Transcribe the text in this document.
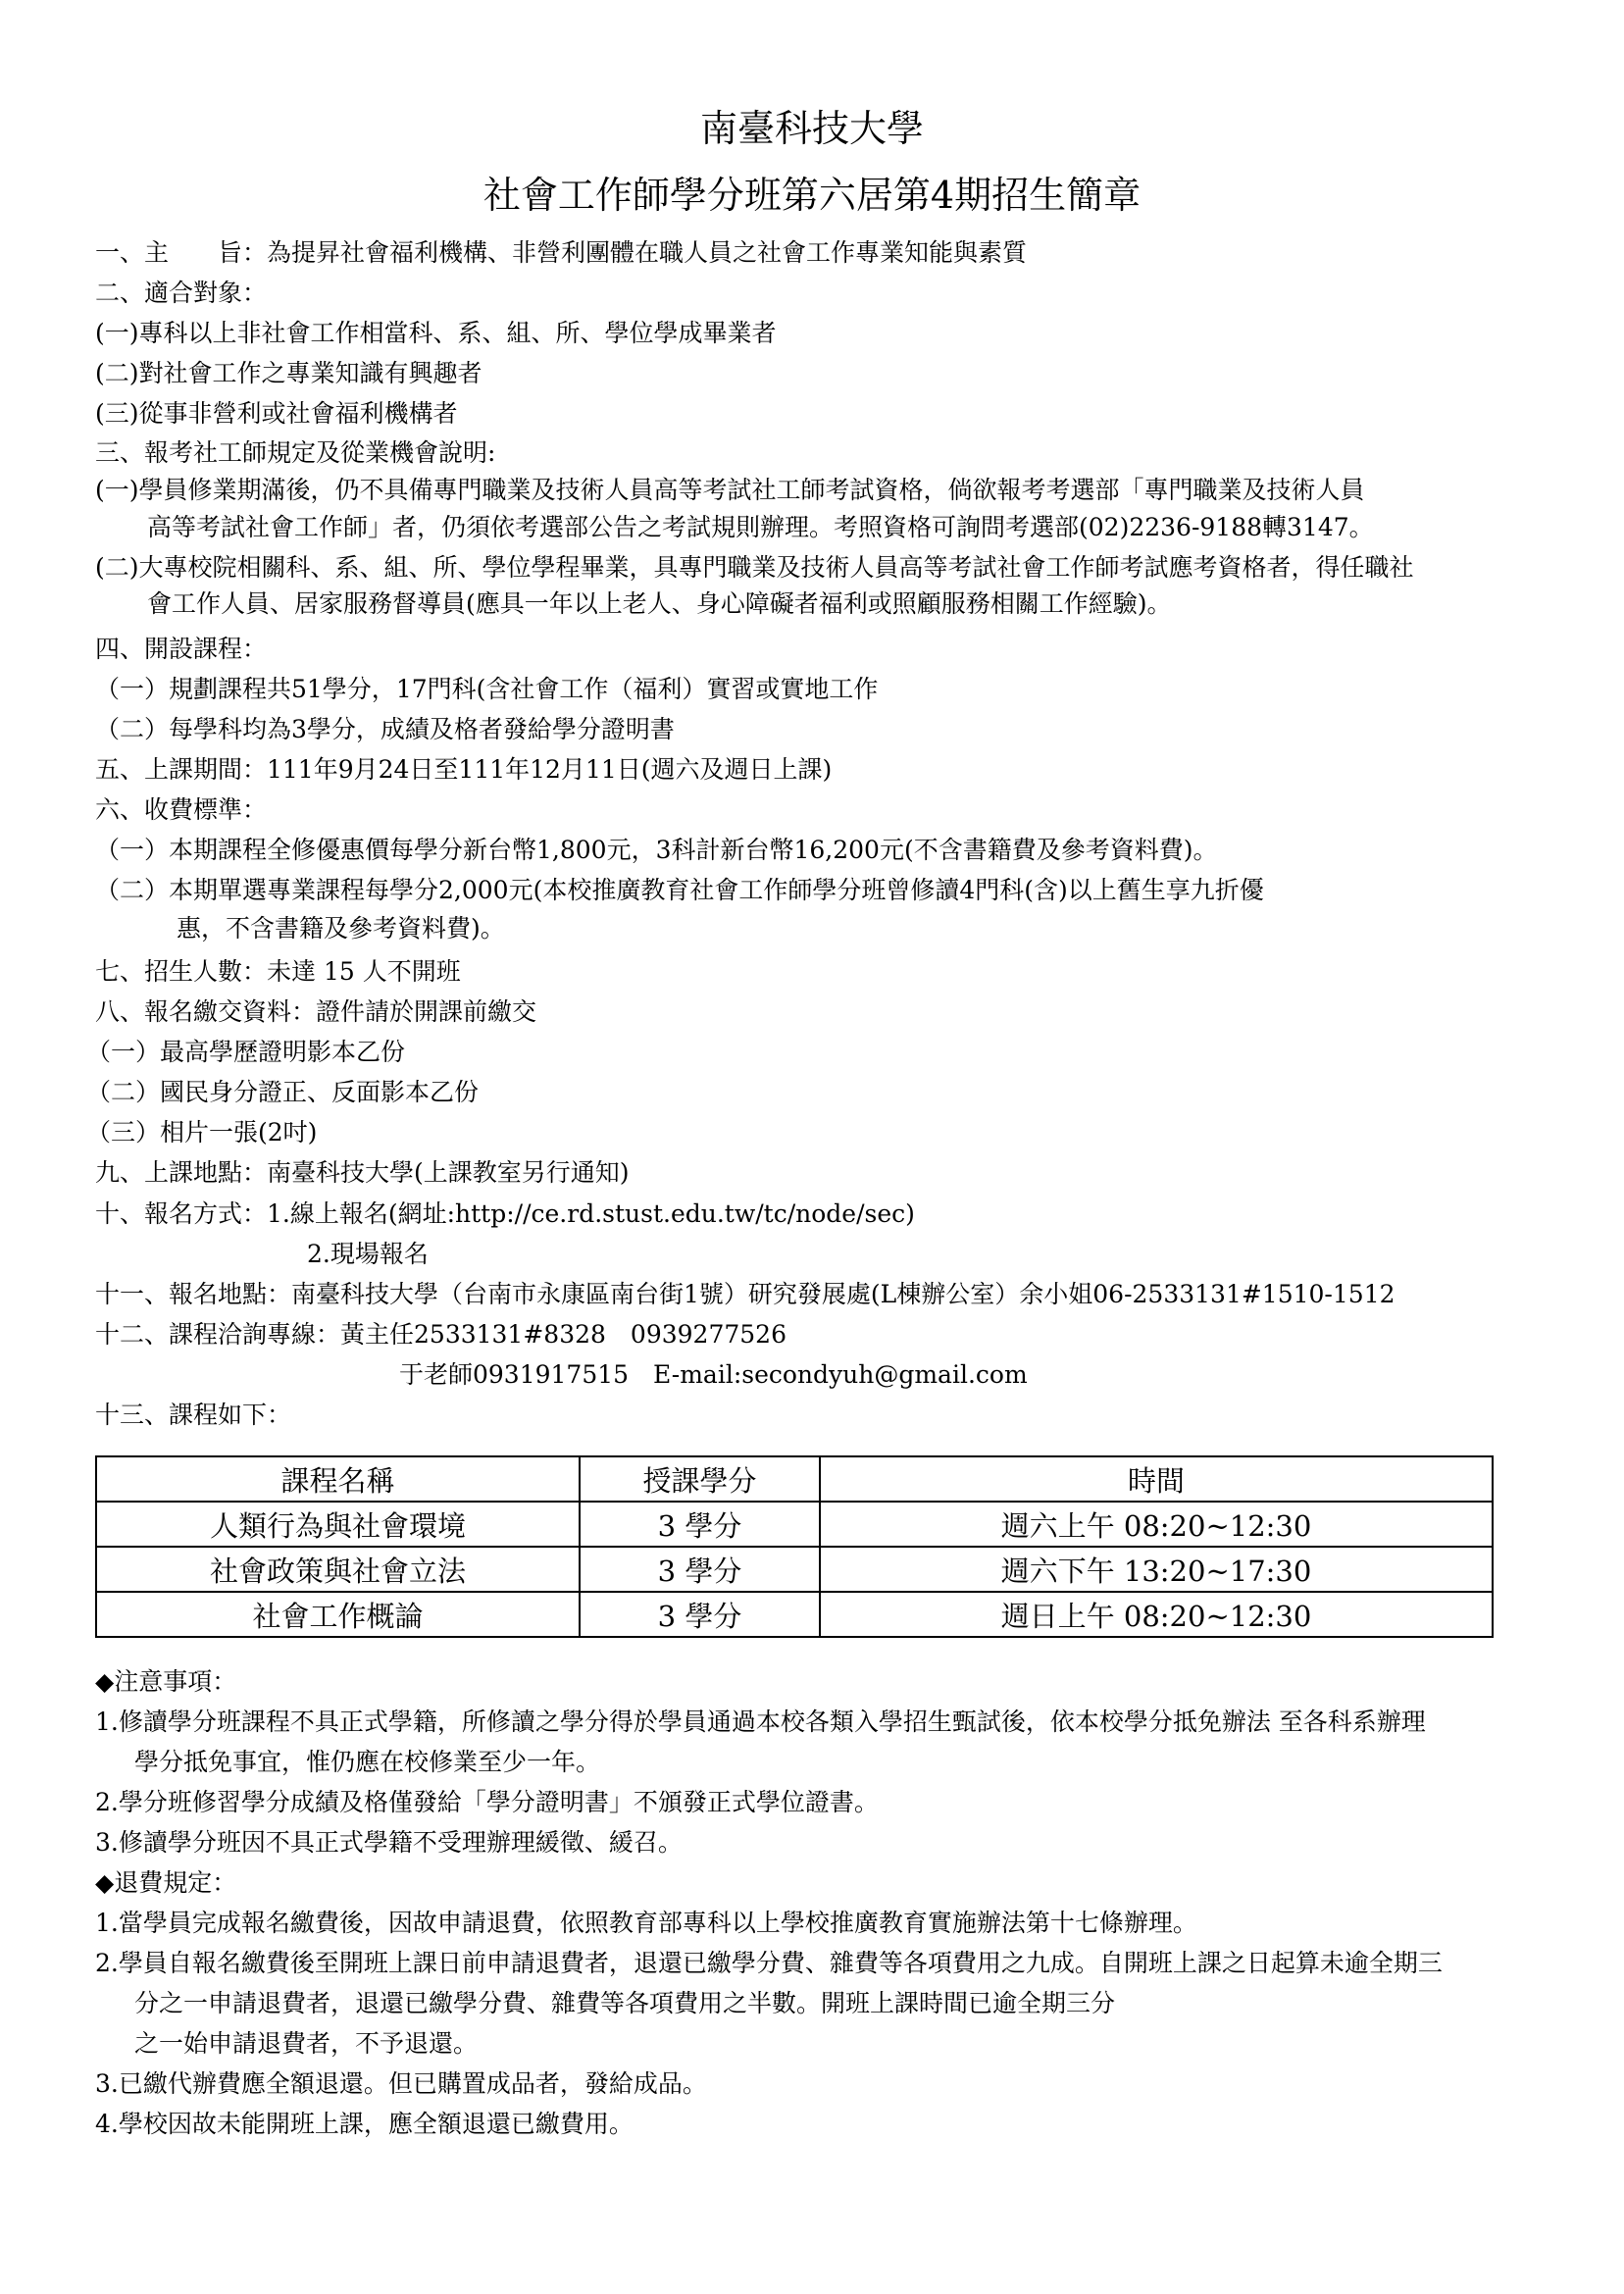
南臺科技大學
社會工作師學分班第六居第4期招生簡章
一、主　　旨：為提昇社會福利機構、非營利團體在職人員之社會工作專業知能與素質
二、適合對象：
(一)專科以上非社會工作相當科、系、組、所、學位學成畢業者
(二)對社會工作之專業知識有興趣者
(三)從事非營利或社會福利機構者
三、報考社工師規定及從業機會說明:
(一)學員修業期滿後，仍不具備專門職業及技術人員高等考試社工師考試資格，倘欲報考考選部「專門職業及技術人員
高等考試社會工作師」者，仍須依考選部公告之考試規則辦理。考照資格可詢問考選部(02)2236-9188轉3147。
(二)大專校院相關科、系、組、所、學位學程畢業，具專門職業及技術人員高等考試社會工作師考試應考資格者，得任職社
會工作人員、居家服務督導員(應具一年以上老人、身心障礙者福利或照顧服務相關工作經驗)。
四、開設課程：
（一）規劃課程共51學分，17門科(含社會工作（福利）實習或實地工作
（二）每學科均為3學分，成績及格者發給學分證明書
五、上課期間：111年9月24日至111年12月11日(週六及週日上課)
六、收費標準：
（一）本期課程全修優惠價每學分新台幣1,800元，3科計新台幣16,200元(不含書籍費及參考資料費)。
（二）本期單選專業課程每學分2,000元(本校推廣教育社會工作師學分班曾修讀4門科(含)以上舊生享九折優
惠，不含書籍及參考資料費)。
七、招生人數：未達 15 人不開班
八、報名繳交資料：證件請於開課前繳交
（一）最高學歷證明影本乙份
（二）國民身分證正、反面影本乙份
（三）相片一張(2吋)
九、上課地點：南臺科技大學(上課教室另行通知)
十、報名方式：1.線上報名(網址:http://ce.rd.stust.edu.tw/tc/node/sec)
2.現場報名
十一、報名地點：南臺科技大學（台南市永康區南台街1號）研究發展處(L棟辦公室）余小姐06-2533131#1510-1512
十二、課程洽詢專線：黃主任2533131#8328　0939277526
于老師0931917515　E-mail:secondyuh@gmail.com
十三、課程如下：
課程名稱	授課學分	時間
人類行為與社會環境	3 學分	週六上午 08:20~12:30
社會政策與社會立法	3 學分	週六下午 13:20~17:30
社會工作概論	3 學分	週日上午 08:20~12:30
◆注意事項：
1.修讀學分班課程不具正式學籍，所修讀之學分得於學員通過本校各類入學招生甄試後，依本校學分抵免辦法 至各科系辦理
學分抵免事宜，惟仍應在校修業至少一年。
2.學分班修習學分成績及格僅發給「學分證明書」不頒發正式學位證書。
3.修讀學分班因不具正式學籍不受理辦理緩徵、緩召。
◆退費規定：
1.當學員完成報名繳費後，因故申請退費，依照教育部專科以上學校推廣教育實施辦法第十七條辦理。
2.學員自報名繳費後至開班上課日前申請退費者，退還已繳學分費、雜費等各項費用之九成。自開班上課之日起算未逾全期三
分之一申請退費者，退還已繳學分費、雜費等各項費用之半數。開班上課時間已逾全期三分
之一始申請退費者，不予退還。
3.已繳代辦費應全額退還。但已購置成品者，發給成品。
4.學校因故未能開班上課，應全額退還已繳費用。
